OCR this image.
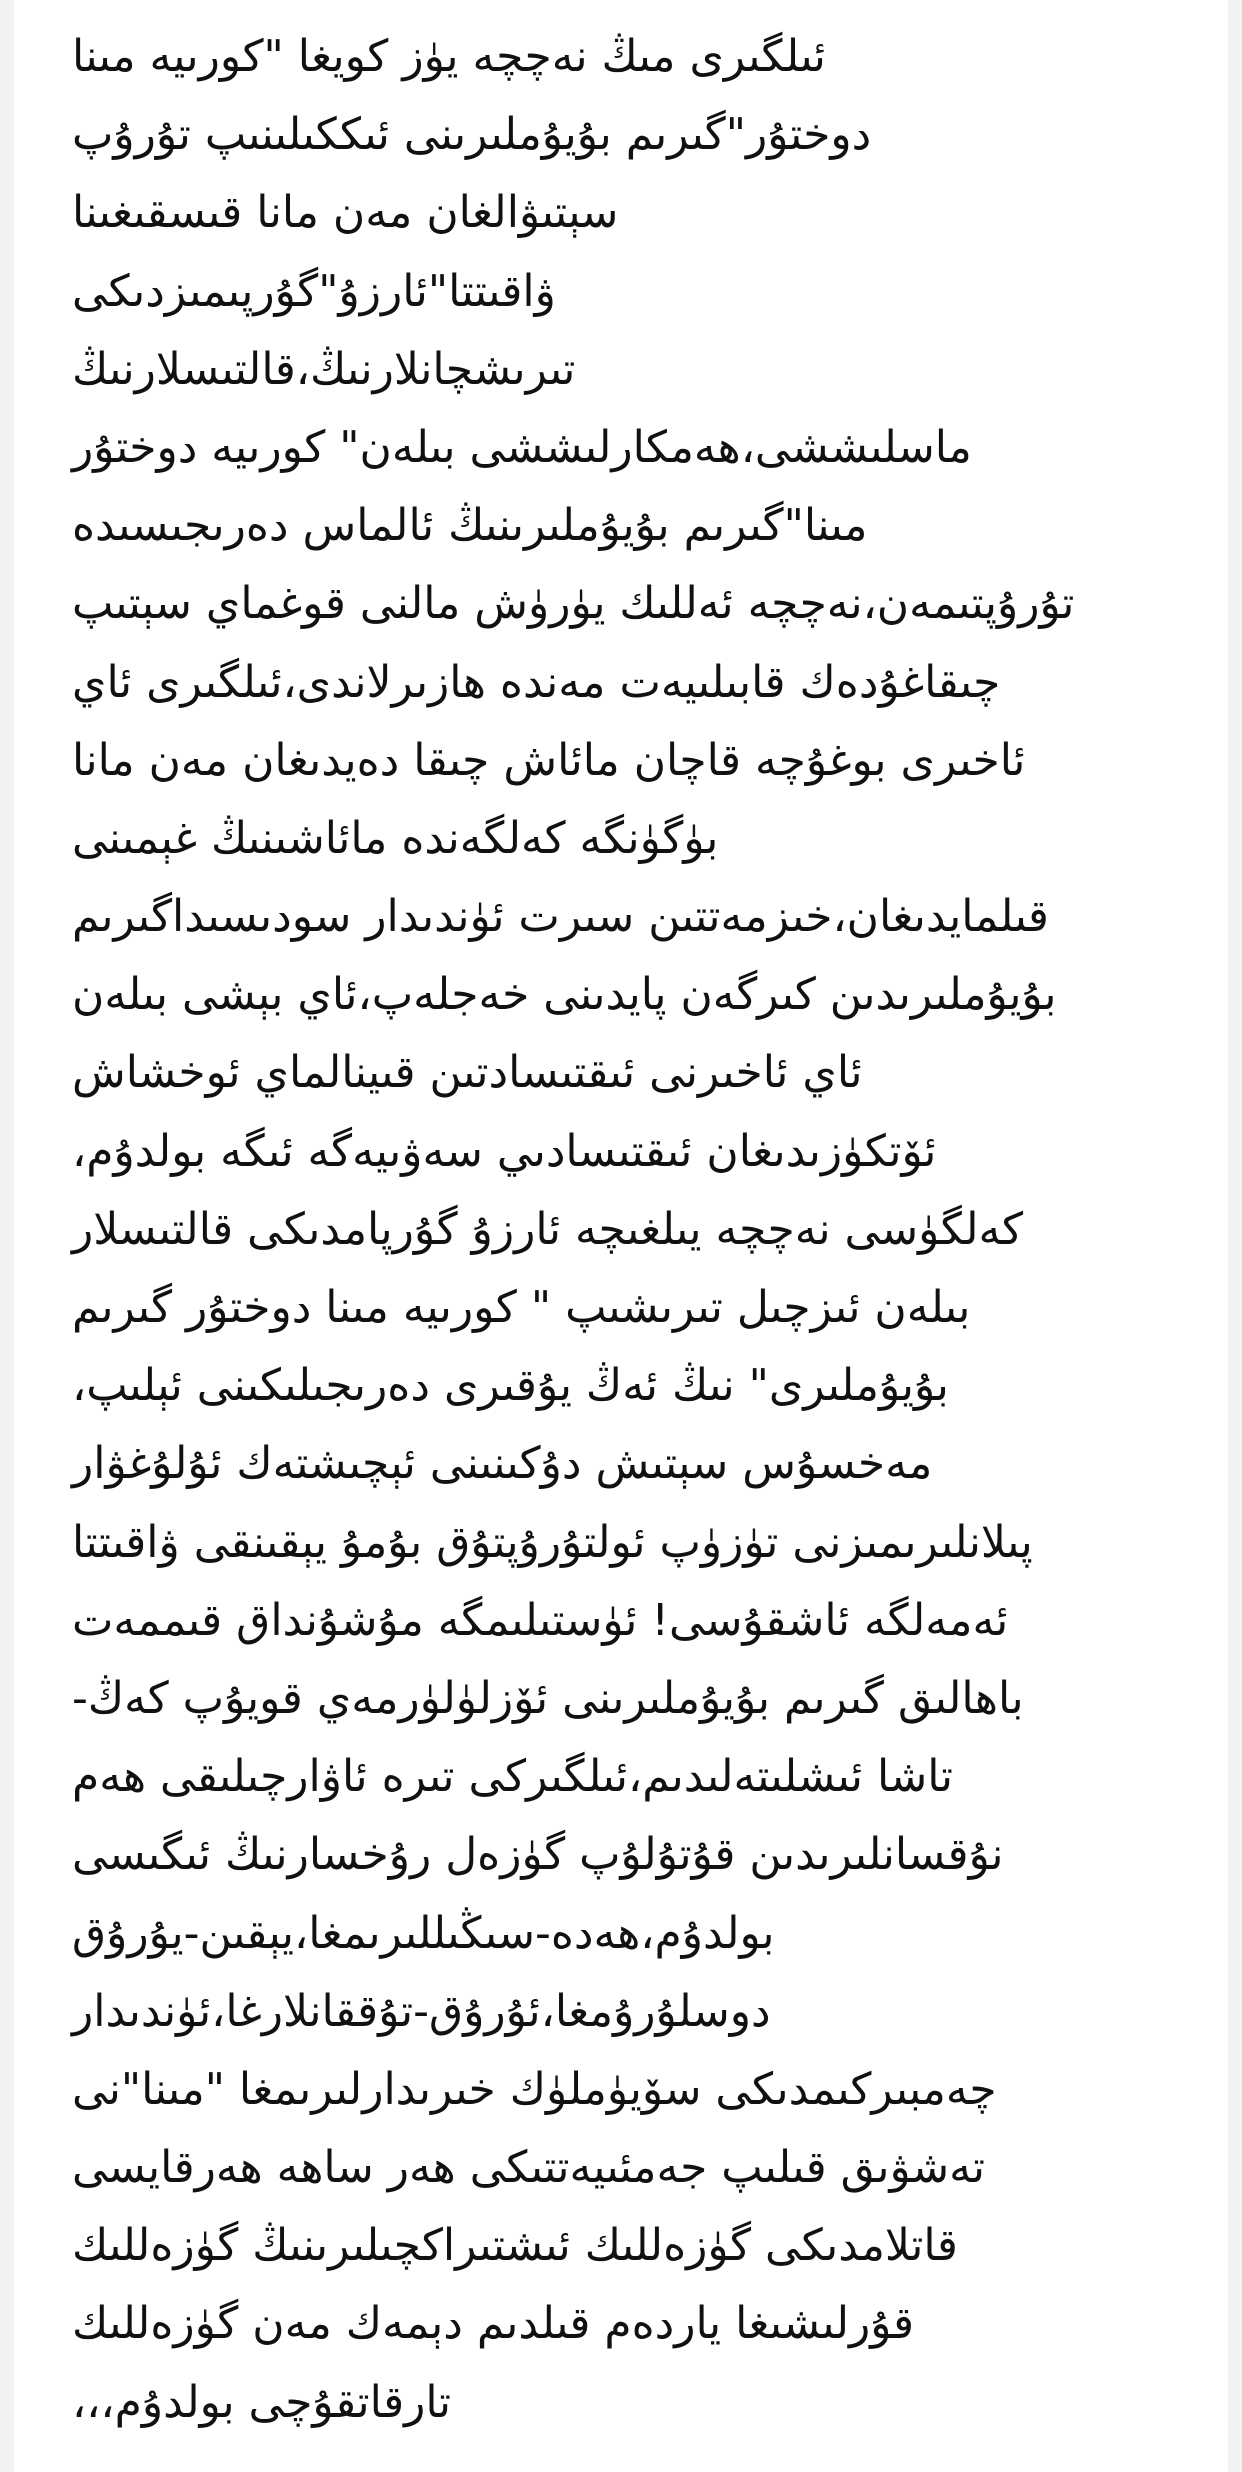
ئىلگىرى مىڭ نەچچە يۈز كويغا "كورىيە مىنا
دوختۇر"گىرىم بۇيۇملىرىنى ئىككىلىنىپ تۇرۇپ
سېتىۋالغان مەن مانا قىسقىغىنا
ۋاقىتتا"ئارزۇ"گۇرپىمىزدىكى
تىرىشچانلارنىڭ،قالتىسلارنىڭ
ماسلىششى،ھەمكارلىششى بىلەن" كورىيە دوختۇر
مىنا"گىرىم بۇيۇملىرىنىڭ ئالماس دەرىجىسىدە
تۇرۇپتىمەن،نەچچە ئەللىك يۈرۈش مالنى قوغماي سېتىپ
چىقاغۇدەك قابىلىيەت مەندە ھازىرلاندى،ئىلگىرى ئاي
ئاخىرى بوغۇچە قاچان مائاش چىقا دەيدىغان مەن مانا
بۈگۈنگە كەلگەندە مائاشىنىڭ غېمىنى
قىلمايدىغان،خىزمەتتىن سىرت ئۈندىدار سودىسىداگىرىم
بۇيۇملىرىدىن كىرگەن پايدىنى خەجلەپ،ئاي بېشى بىلەن
ئاي ئاخىرنى ئىقتىسادتىن قىينالماي ئوخشاش
ئۆتكۈزىدىغان ئىقتىسادىي سەۋىيەگە ئىگە بولدۇم،
كەلگۈسى نەچچە يىلغىچە ئارزۇ گۇرپامدىكى قالتىسلار
بىلەن ئىزچىل تىرىشىپ " كورىيە مىنا دوختۇر گىرىم
بۇيۇملىرى" نىڭ ئەڭ يۇقىرى دەرىجىلىكىنى ئېلىپ،
مەخسۇس سېتىش دۇكىنىنى ئېچىشتەك ئۇلۇغۋار
پىلانلىرىمىزنى تۈزۈپ ئولتۇرۇپتۇق بۇمۇ يېقىنقى ۋاقىتتا
ئەمەلگە ئاشقۇسى! ئۈستىلىمگە مۇشۇنداق قىممەت
باھالىق گىرىم بۇيۇملىرىنى ئۆزلۈلۈرمەي قويۇپ كەڭ-
تاشا ئىشلىتەلىدىم،ئىلگىركى تىرە ئاۋارچىلىقى ھەم
نۇقسانلىرىدىن قۇتۇلۇپ گۈزەل رۇخسارنىڭ ئىگىسى
بولدۇم،ھەدە-سىڭىللىرىمغا،يېقىن-يۇرۇق
دوسلۇرۇمغا،ئۇرۇق-تۇققانلارغا،ئۈندىدار
چەمبىركىمدىكى سۆيۈملۈك خىرىدارلىرىمغا "مىنا"نى
تەشۋىق قىلىپ جەمئىيەتتىكى ھەر ساھە ھەرقايسى
قاتلامدىكى گۈزەللىك ئىشتىراكچىلىرىنىڭ گۈزەللىك
قۇرلىشىغا ياردەم قىلدىم دېمەك مەن گۈزەللىك
تارقاتقۇچى بولدۇم،،،
